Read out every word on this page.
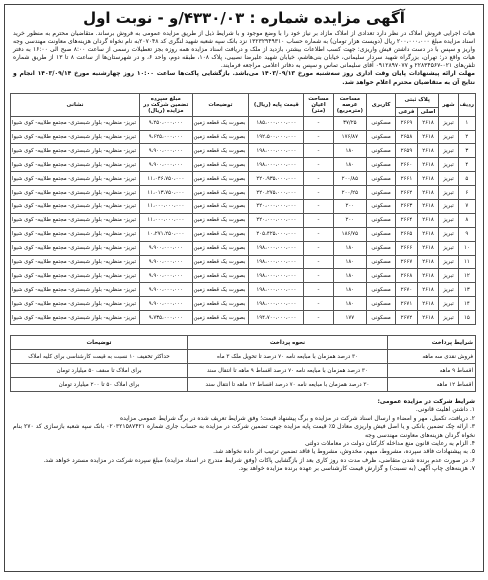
آگهی مزایده شماره : ۴۳۳۰/۰۳/و - نوبت اول

هیات اجرایی فروش املاک در نظر دارد تعدادی از املاک مازاد بر نیاز خود را با وضع موجود و با شرایط ذیل از طریق مزایده عمومی به فروش برساند. متقاضیان محترم به منظور خرید اسناد مزایده مبلغ ۲۰۰،۰۰۰،۰۰۰ ریال (دویست هزار تومان) به شماره حساب ۱۳۲۳۲۹۴۹۳۱۰ نزد بانک سپه شعبه شهید لنگری کد ۲۰۷۰۴۸به نام نخواه گردان هزینه‌های معاونت مهندسی وجه واریز و سپس با در دست داشتن فیش واریزی: جهت کسب اطلاعات بیشتر، بازدید از ملک و دریافت اسناد مزایده همه روزه بجز تعطیلات رسمی از ساعت ۸:۰۰ صبح الی ۱۶:۰۰ به دفتر هیات واقع در: تهران، بزرگراه شهید سردار سلیمانی، خیابان بنی‌هاشم، خیابان شهید علیرضا نصیبی، پلاک ۱۰۸، طبقه دوم، واحد ۶، و در شهرستان‌ها از ساعت ۸ تا ۱۳ از طریق شماره تلفن‌های ۰۲۱-۲۲۸۳۴۵۶۷ و ۰۹۱۲۸۹۷۰۷۷ آقای سلیمانی تماس و سپس به دفاتر اعلامی مراجعه فرمایند.

مهلت ارائه پیشنهادات پایان وقت اداری روز سه‌شنبه مورخ ۱۴۰۳/۰۹/۱۳ می‌باشد. بازگشایی پاکت‌ها ساعت ۱۰:۰۰ روز چهارشنبه مورخ ۱۴۰۳/۰۹/۱۴ انجام و نتایج آن به متقاضیان محترم اعلام خواهد شد.

ردیف	شهر	پلاک ثبتی		کاربری	مساحت عرصه (مترمربع)	مساحت اعیان (متر)	قیمت پایه (ریال)	توضیحات	مبلغ سپرده تضمین شرکت در مزایده (ریال)	نشانی
		اصلی	فرعی							
۱	تبریز	۲۶۱۸	۲۶۶۹	مسکونی	۳۷/۲۵	-	۱۸۵،۰۰۰،۰۰۰،۰۰۰	بصورت یک قطعه زمین	۹،۲۵۰،۰۰۰،۰۰۰	تبریز- منظریه- بلوار شبستری- مجتمع طلاییه- کوی شیوا
۲	تبریز	۲۶۱۸	۲۶۵۸	مسکونی	۱۷۶/۸۷	-	۱۹۲،۵۰۰،۰۰۰،۰۰۰	بصورت یک قطعه زمین	۹،۶۲۵،۰۰۰،۰۰۰	تبریز- منظریه- بلوار شبستری- مجتمع طلاییه- کوی شیوا
۳	تبریز	۲۶۱۸	۲۶۵۹	مسکونی	۱۸۰	-	۱۹۸،۰۰۰،۰۰۰،۰۰۰	بصورت یک قطعه زمین	۹،۹۰۰،۰۰۰،۰۰۰	تبریز- منظریه- بلوار شبستری- مجتمع طلاییه- کوی شیوا
۴	تبریز	۲۶۱۸	۲۶۶۰	مسکونی	۱۸۰	-	۱۹۸،۰۰۰،۰۰۰،۰۰۰	بصورت یک قطعه زمین	۹،۹۰۰،۰۰۰،۰۰۰	تبریز- منظریه- بلوار شبستری- مجتمع طلاییه- کوی شیوا
۵	تبریز	۲۶۱۸	۲۶۶۱	مسکونی	۲۰۰/۸۵	-	۲۲۰،۹۳۵،۰۰۰،۰۰۰	بصورت یک قطعه زمین	۱۱،۰۴۶،۷۵۰،۰۰۰	تبریز- منظریه- بلوار شبستری- مجتمع طلاییه- کوی شیوا
۶	تبریز	۲۶۱۸	۲۶۶۲	مسکونی	۲۰۰/۲۵	-	۲۲۰،۲۷۵،۰۰۰،۰۰۰	بصورت یک قطعه زمین	۱۱،۰۱۳،۷۵۰،۰۰۰	تبریز- منظریه- بلوار شبستری- مجتمع طلاییه- کوی شیوا
۷	تبریز	۲۶۱۸	۲۶۶۳	مسکونی	۲۰۰	-	۲۲۰،۰۰۰،۰۰۰،۰۰۰	بصورت یک قطعه زمین	۱۱،۰۰۰،۰۰۰،۰۰۰	تبریز- منظریه- بلوار شبستری- مجتمع طلاییه- کوی شیوا
۸	تبریز	۲۶۱۸	۲۶۶۴	مسکونی	۲۰۰	-	۲۲۰،۰۰۰،۰۰۰،۰۰۰	بصورت یک قطعه زمین	۱۱،۰۰۰،۰۰۰،۰۰۰	تبریز- منظریه- بلوار شبستری- مجتمع طلاییه- کوی شیوا
۹	تبریز	۲۶۱۸	۲۶۶۵	مسکونی	۱۸۶/۷۵	-	۲۰۵،۴۲۵،۰۰۰،۰۰۰	بصورت یک قطعه زمین	۱۰،۲۷۱،۲۵۰،۰۰۰	تبریز- منظریه- بلوار شبستری- مجتمع طلاییه- کوی شیوا
۱۰	تبریز	۲۶۱۸	۲۶۶۶	مسکونی	۱۸۰	-	۱۹۸،۰۰۰،۰۰۰،۰۰۰	بصورت یک قطعه زمین	۹،۹۰۰،۰۰۰،۰۰۰	تبریز- منظریه- بلوار شبستری- مجتمع طلاییه- کوی شیوا
۱۱	تبریز	۲۶۱۸	۲۶۶۷	مسکونی	۱۸۰	-	۱۹۸،۰۰۰،۰۰۰،۰۰۰	بصورت یک قطعه زمین	۹،۹۰۰،۰۰۰،۰۰۰	تبریز- منظریه- بلوار شبستری- مجتمع طلاییه- کوی شیوا
۱۲	تبریز	۲۶۱۸	۲۶۶۸	مسکونی	۱۸۰	-	۱۹۸،۰۰۰،۰۰۰،۰۰۰	بصورت یک قطعه زمین	۹،۹۰۰،۰۰۰،۰۰۰	تبریز- منظریه- بلوار شبستری- مجتمع طلاییه- کوی شیوا
۱۳	تبریز	۲۶۱۸	۲۶۷۰	مسکونی	۱۸۰	-	۱۹۸،۰۰۰،۰۰۰،۰۰۰	بصورت یک قطعه زمین	۹،۹۰۰،۰۰۰،۰۰۰	تبریز- منظریه- بلوار شبستری- مجتمع طلاییه- کوی شیوا
۱۴	تبریز	۲۶۱۸	۲۶۷۱	مسکونی	۱۸۰	-	۱۹۸،۰۰۰،۰۰۰،۰۰۰	بصورت یک قطعه زمین	۹،۹۰۰،۰۰۰،۰۰۰	تبریز- منظریه- بلوار شبستری- مجتمع طلاییه- کوی شیوا
۱۵	تبریز	۲۶۱۸	۲۶۷۲	مسکونی	۱۷۷	-	۱۹۴،۷۰۰،۰۰۰،۰۰۰	بصورت یک قطعه زمین	۹،۷۳۵،۰۰۰،۰۰۰	تبریز- منظریه- بلوار شبستری- مجتمع طلاییه- کوی شیوا
شرایط پرداخت	نحوه پرداخت	توضیحات
فروش نقدی سه ماهه	۳۰ درصد همزمان با مبایعه نامه ۷۰ درصد تا تحویل ملک ۳ ماه	حداکثر تخفیف ۱۰ نسبت به قیمت کارشناسی برای کلیه املاک
اقساط ۹ ماهه	۳۰ درصد همزمان با مبایعه نامه ۷۰ درصد اقساط ۹ ماهه تا انتقال سند	برای املاک تا سقف ۵۰ میلیارد تومان
اقساط ۱۲ ماهه	۳۰ درصد همزمان با مبایعه نامه ۷۰ درصد اقساط ۱۲ ماهه تا انتقال سند	برای املاک ۵۰ تا ۲۰۰ میلیارد تومان

شرایط شرکت در مزایده عمومی:

۱. داشتن اهلیت قانونی.

۲. دریافت، تکمیل، مهر و امضاء و ارسال اسناد شرکت در مزایده و برگ پیشنهاد قیمت؛ وفق شرایط تعریف شده در برگ شرایط عمومی مزایده

۳. ارائه چک تضمین بانکی و یا اصل فیش واریزی معادل ۵٪ قیمت پایه مزایده جهت تضمین شرکت در مزایده به حساب جاری شماره ۰۲۰۳۲۱۵۸۷۴۲۱ بانک سپه شعبه بازسازی کد ۲۷۰ بنام نخواه گردان هزینه‌های معاونت مهندسی وجه

۴. الزام به رعایت قانون منع مداخله کارکنان دولت در معاملات دولتی

۵. به پیشنهادات فاقد سپرده، مشروط، مبهم، مخدوش، مشروط یا فاقد تضمین ترتیب اثر داده نخواهد شد.

۶. در صورت عدم برنده شدن متقاضی، ظرف مدت ده روز کاری بعد از بازگشایی پاکات (وفق شرایط مندرج در اسناد مزایده) مبلغ سپرده شرکت در مزایده مسترد خواهد شد.

۷. هزینه‌های چاپ آگهی (به نسبت) و گزارش قیمت کارشناسی بر عهده برنده مزایده خواهد بود.
